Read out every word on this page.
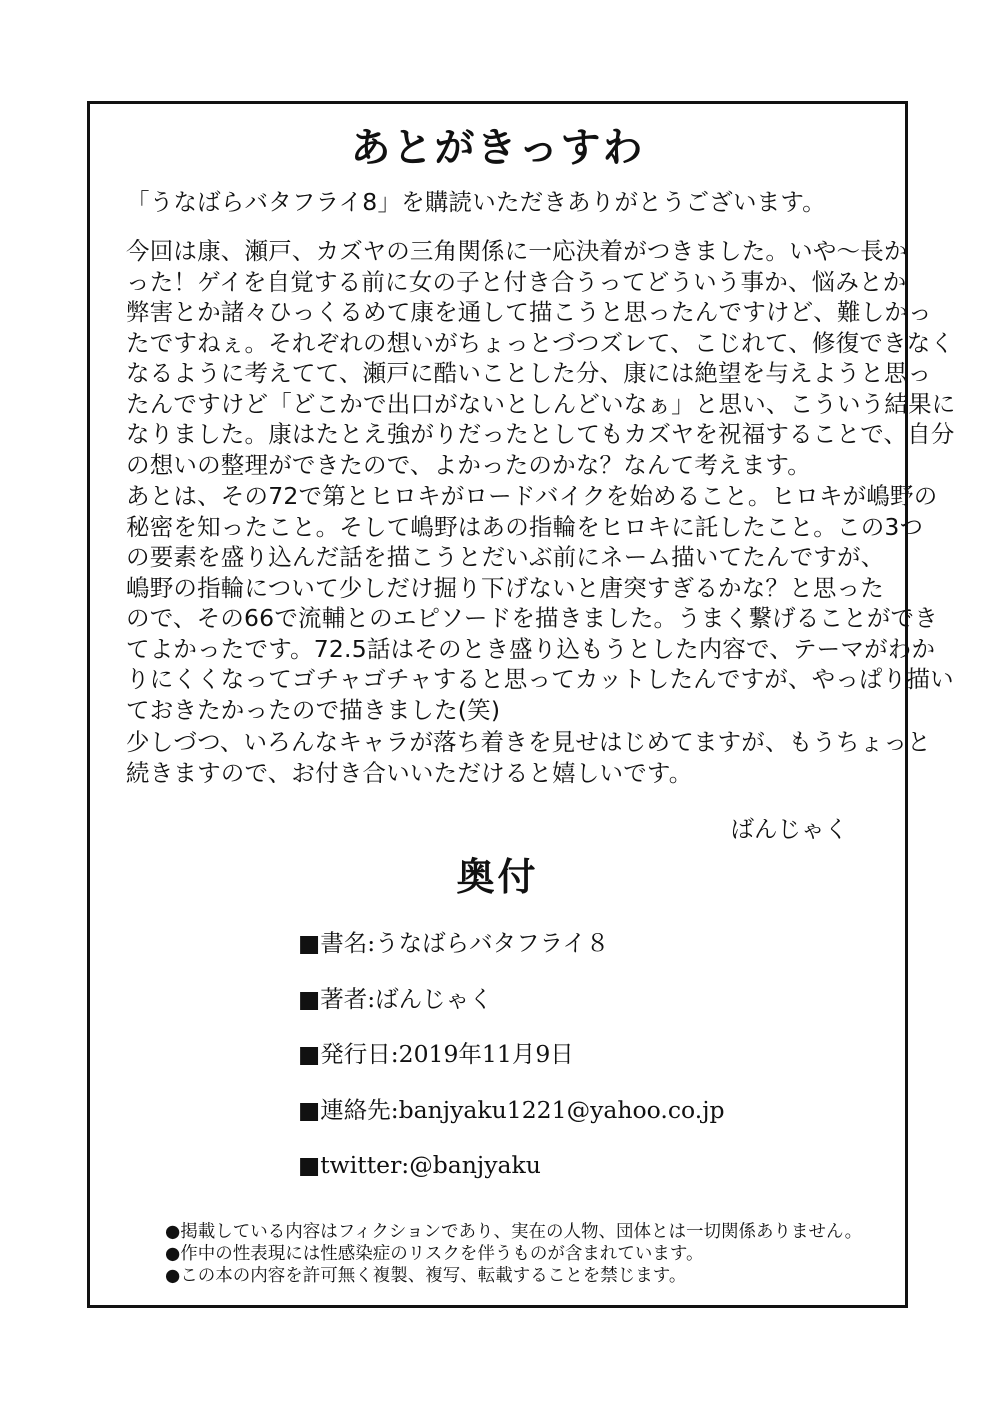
あとがきっすわ
「うなばらバタフライ8」を購読いただきありがとうございます。
今回は康、瀬戸、カズヤの三角関係に一応決着がつきました。いや〜長か
った！ゲイを自覚する前に女の子と付き合うってどういう事か、悩みとか
弊害とか諸々ひっくるめて康を通して描こうと思ったんですけど、難しかっ
たですねぇ。それぞれの想いがちょっとづつズレて、こじれて、修復できなく
なるように考えてて、瀬戸に酷いことした分、康には絶望を与えようと思っ
たんですけど「どこかで出口がないとしんどいなぁ」と思い、こういう結果に
なりました。康はたとえ強がりだったとしてもカズヤを祝福することで、自分
の想いの整理ができたので、よかったのかな？なんて考えます。
あとは、その72で第とヒロキがロードバイクを始めること。ヒロキが嶋野の
秘密を知ったこと。そして嶋野はあの指輪をヒロキに託したこと。この3つ
の要素を盛り込んだ話を描こうとだいぶ前にネーム描いてたんですが、
嶋野の指輪について少しだけ掘り下げないと唐突すぎるかな？と思った
ので、その66で流輔とのエピソードを描きました。うまく繋げることができ
てよかったです。72.5話はそのとき盛り込もうとした内容で、テーマがわか
りにくくなってゴチャゴチャすると思ってカットしたんですが、やっぱり描い
ておきたかったので描きました(笑)
少しづつ、いろんなキャラが落ち着きを見せはじめてますが、もうちょっと
続きますので、お付き合いいただけると嬉しいです。
ばんじゃく
奥付
■書名:うなばらバタフライ８
■著者:ばんじゃく
■発行日:2019年11月9日
■連絡先:banjyaku1221@yahoo.co.jp
■twitter:@banjyaku
●掲載している内容はフィクションであり、実在の人物、団体とは一切関係ありません。
●作中の性表現には性感染症のリスクを伴うものが含まれています。
●この本の内容を許可無く複製、複写、転載することを禁じます。
